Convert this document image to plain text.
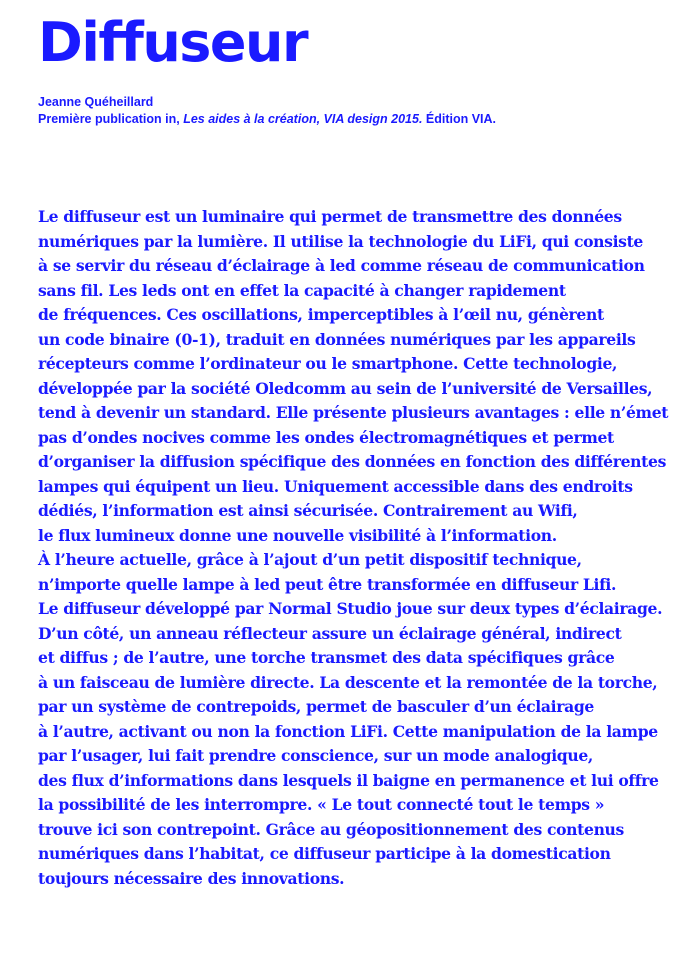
Diffuseur
Jeanne Quéheillard
Première publication in, Les aides à la création, VIA design 2015. Édition VIA.
Le diffuseur est un luminaire qui permet de transmettre des données
numériques par la lumière. Il utilise la technologie du LiFi, qui consiste
à se servir du réseau d’éclairage à led comme réseau de communication
sans fil. Les leds ont en effet la capacité à changer rapidement
de fréquences. Ces oscillations, imperceptibles à l’œil nu, génèrent
un code binaire (0-1), traduit en données numériques par les appareils
récepteurs comme l’ordinateur ou le smartphone. Cette technologie,
développée par la société Oledcomm au sein de l’université de Versailles,
tend à devenir un standard. Elle présente plusieurs avantages : elle n’émet
pas d’ondes nocives comme les ondes électromagnétiques et permet
d’organiser la diffusion spécifique des données en fonction des différentes
lampes qui équipent un lieu. Uniquement accessible dans des endroits
dédiés, l’information est ainsi sécurisée. Contrairement au Wifi,
le flux lumineux donne une nouvelle visibilité à l’information.
À l’heure actuelle, grâce à l’ajout d’un petit dispositif technique,
n’importe quelle lampe à led peut être transformée en diffuseur Lifi.
Le diffuseur développé par Normal Studio joue sur deux types d’éclairage.
D’un côté, un anneau réflecteur assure un éclairage général, indirect
et diffus ; de l’autre, une torche transmet des data spécifiques grâce
à un faisceau de lumière directe. La descente et la remontée de la torche,
par un système de contrepoids, permet de basculer d’un éclairage
à l’autre, activant ou non la fonction LiFi. Cette manipulation de la lampe
par l’usager, lui fait prendre conscience, sur un mode analogique,
des flux d’informations dans lesquels il baigne en permanence et lui offre
la possibilité de les interrompre. « Le tout connecté tout le temps »
trouve ici son contrepoint. Grâce au géopositionnement des contenus
numériques dans l’habitat, ce diffuseur participe à la domestication
toujours nécessaire des innovations.
